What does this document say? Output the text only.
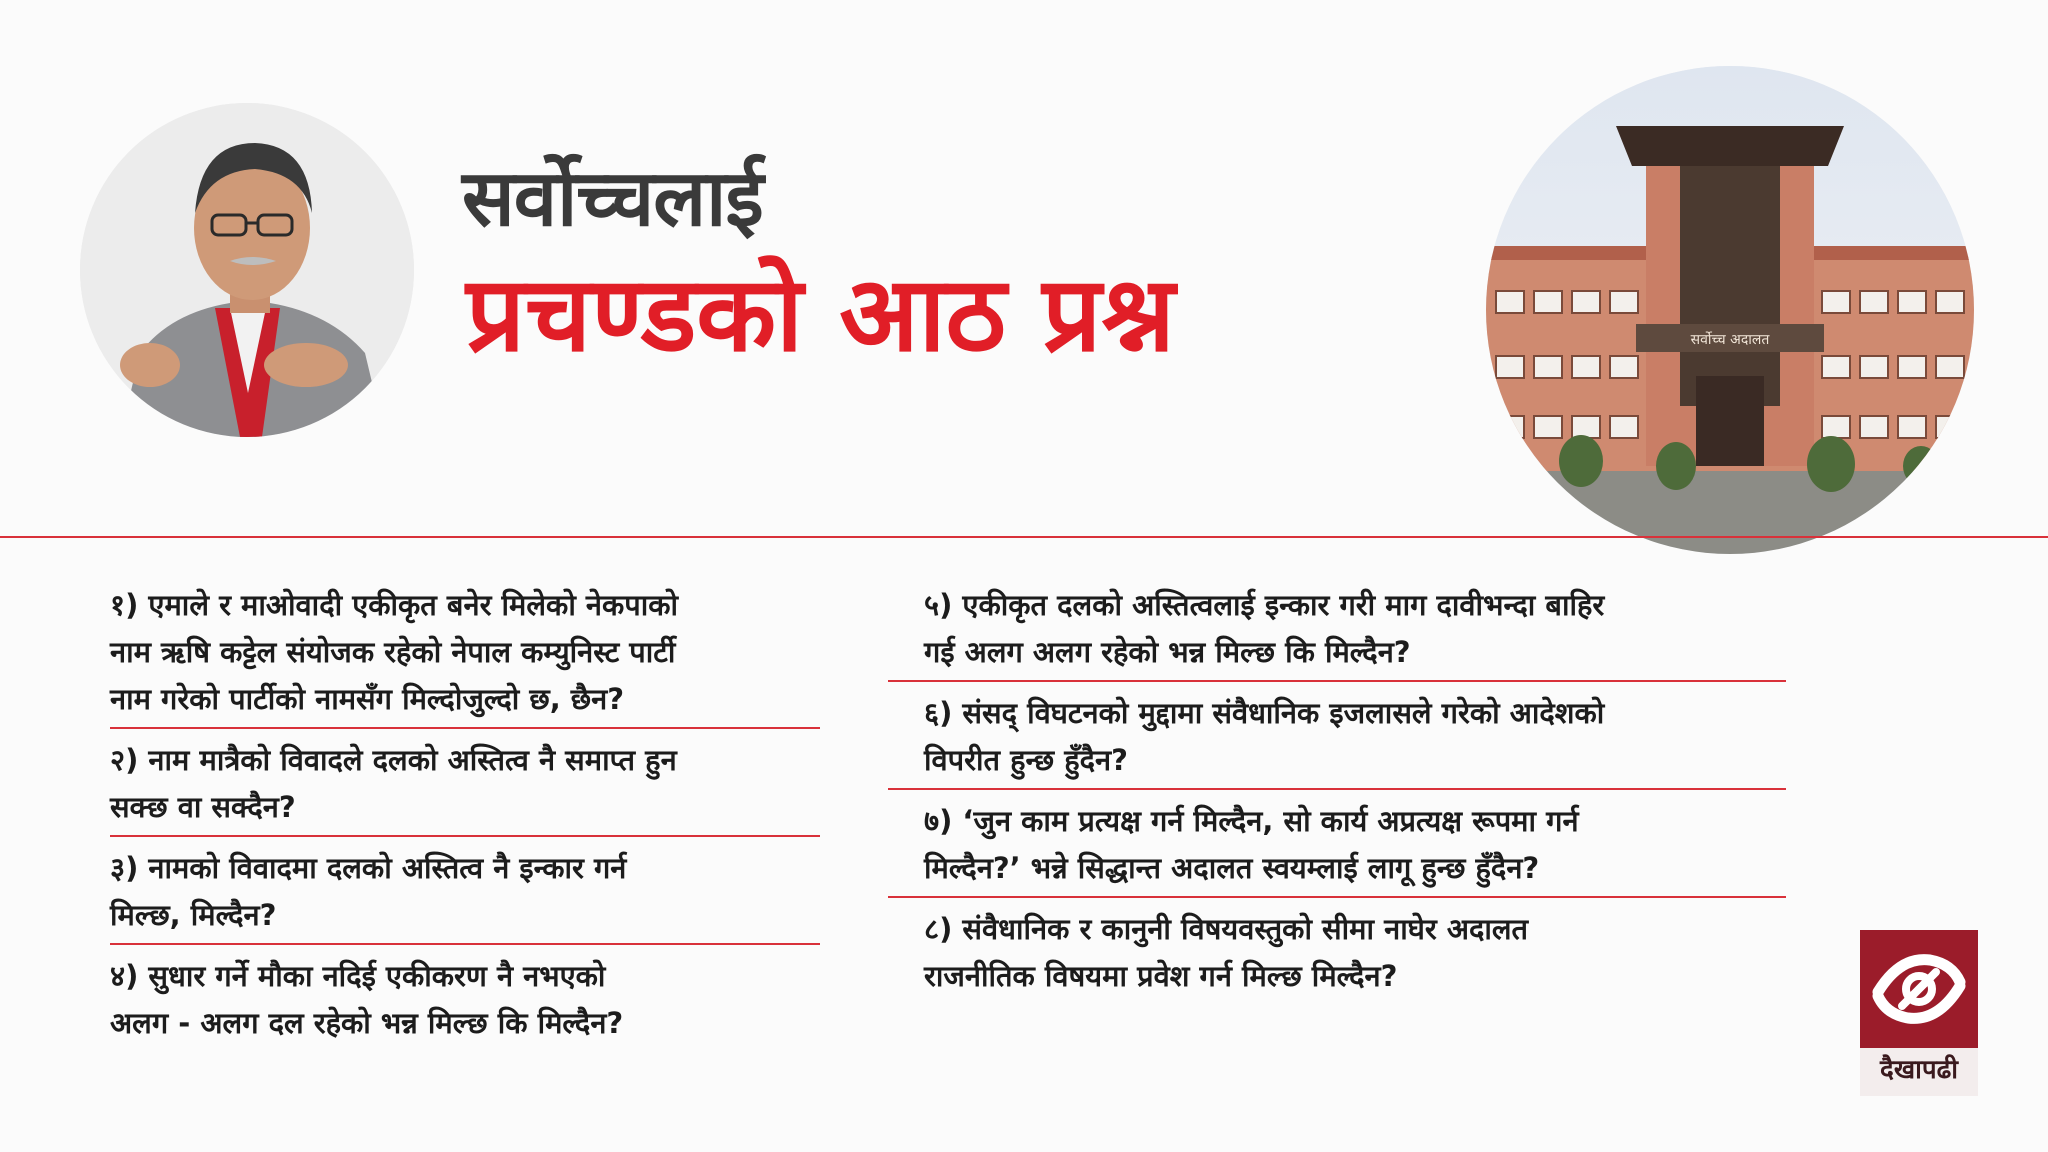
सर्वोच्चलाई
प्रचण्डको आठ प्रश्न	सर्वोच्च अदालत
१) एमाले र माओवादी एकीकृत बनेर मिलेको नेकपाको
नाम ऋषि कट्टेल संयोजक रहेको नेपाल कम्युनिस्ट पार्टी
नाम गरेको पार्टीको नामसँग मिल्दोजुल्दो छ, छैन?
२) नाम मात्रैको विवादले दलको अस्तित्व नै समाप्त हुन
सक्छ वा सक्दैन?
३) नामको विवादमा दलको अस्तित्व नै इन्कार गर्न
मिल्छ, मिल्दैन?
४) सुधार गर्ने मौका नदिई एकीकरण नै नभएको
अलग - अलग दल रहेको भन्न मिल्छ कि मिल्दैन?
५) एकीकृत दलको अस्तित्वलाई इन्कार गरी माग दावीभन्दा बाहिर
गई अलग अलग रहेको भन्न मिल्छ कि मिल्दैन?
६) संसद् विघटनको मुद्दामा संवैधानिक इजलासले गरेको आदेशको
विपरीत हुन्छ हुँदैन?
७) ‘जुन काम प्रत्यक्ष गर्न मिल्दैन, सो कार्य अप्रत्यक्ष रूपमा गर्न
मिल्दैन?’ भन्ने सिद्धान्त अदालत स्वयम्लाई लागू हुन्छ हुँदैन?
८) संवैधानिक र कानुनी विषयवस्तुको सीमा नाघेर अदालत
राजनीतिक विषयमा प्रवेश गर्न मिल्छ मिल्दैन?
दैखापढी
